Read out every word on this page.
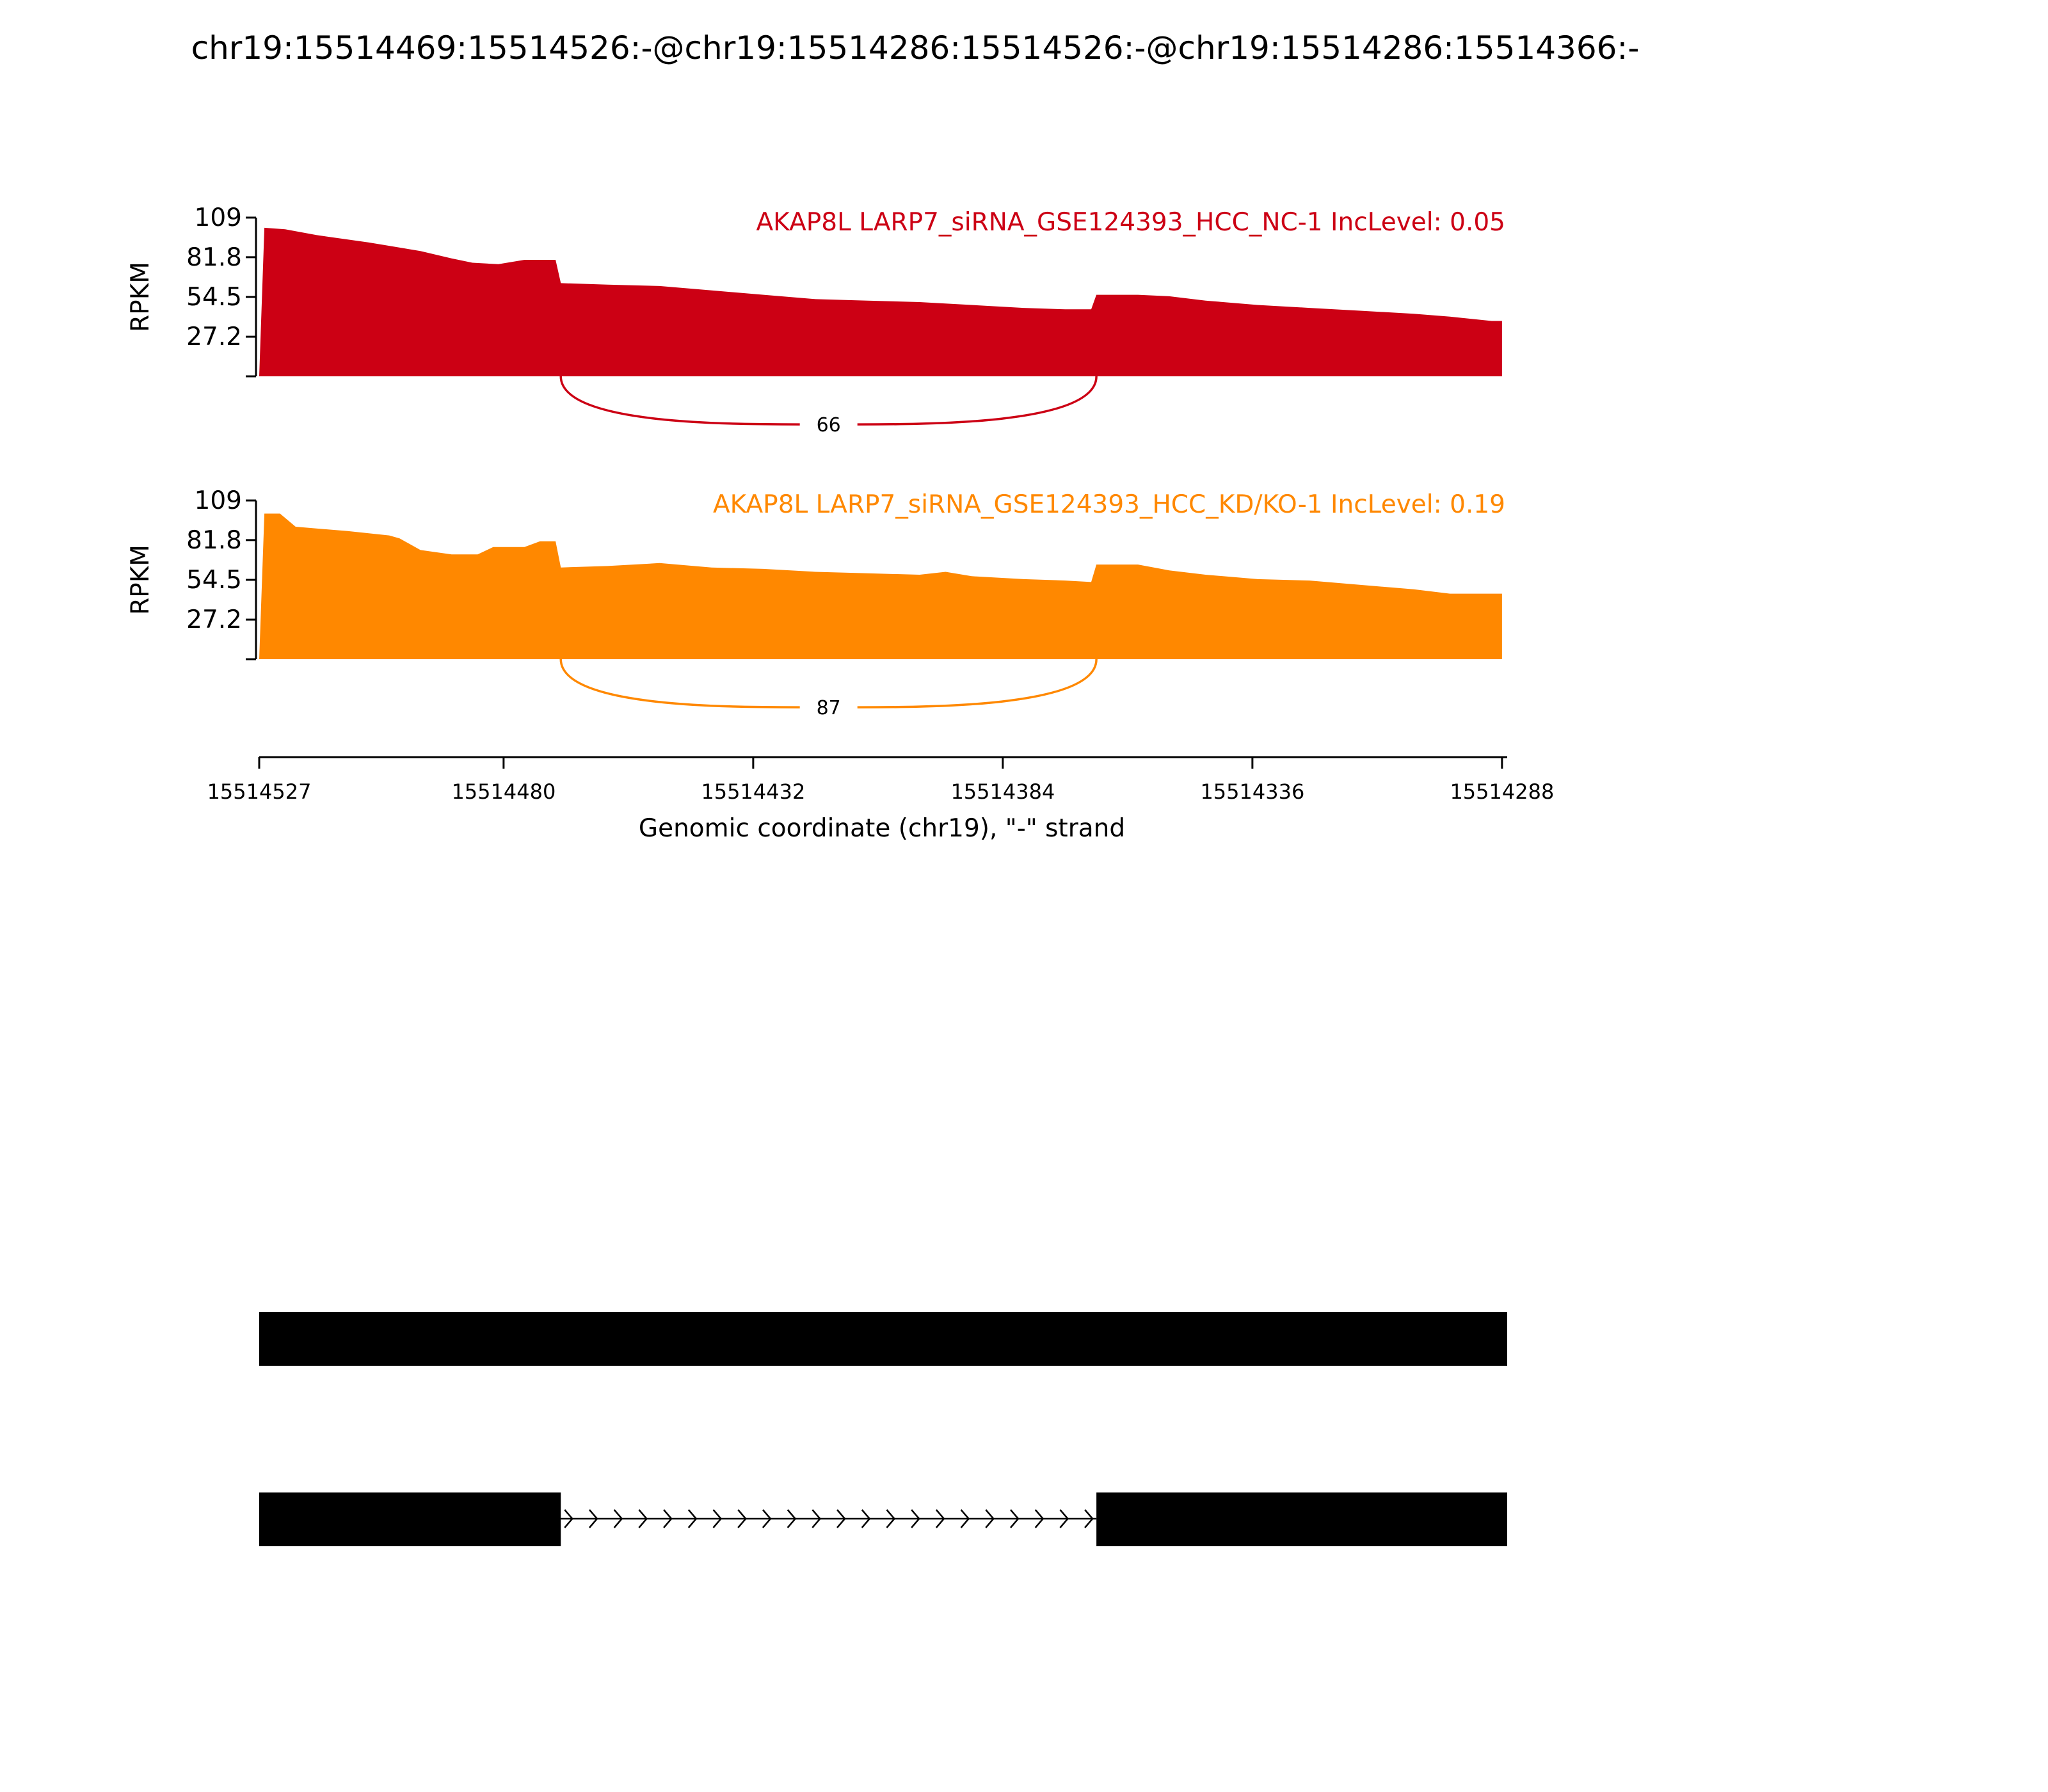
chr19:15514469:15514526:-@chr19:15514286:15514526:-@chr19:15514286:15514366:-
AKAP8L LARP7_siRNA_GSE124393_HCC_NC-1 IncLevel: 0.05
109
81.8
54.5
27.2
RPKM
66
AKAP8L LARP7_siRNA_GSE124393_HCC_KD/KO-1 IncLevel: 0.19
109
81.8
54.5
27.2
RPKM
87
Genomic coordinate (chr19), "-" strand
15514527	15514480	15514432	15514384	15514336	15514288
